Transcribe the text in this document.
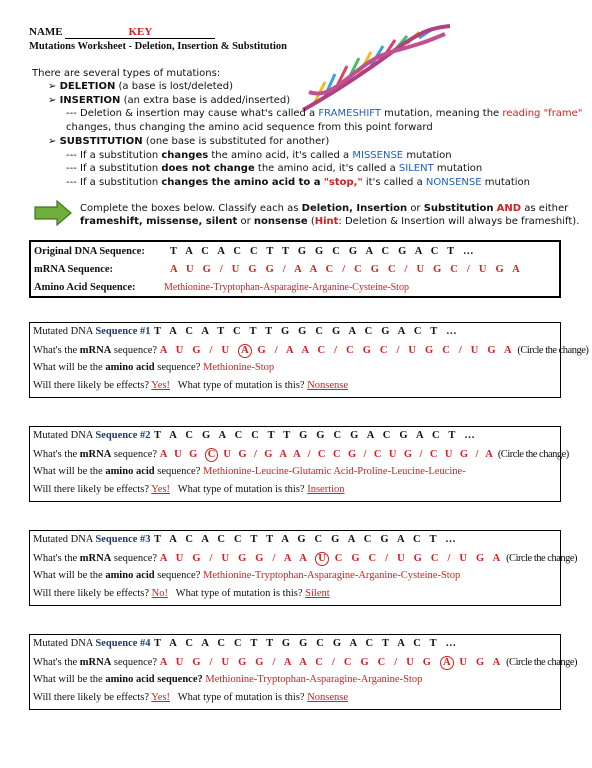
NAME	KEY
Mutations Worksheet - Deletion, Insertion & Substitution
There are several types of mutations:
➢ DELETION (a base is lost/deleted)
➢ INSERTION (an extra base is added/inserted)
--- Deletion & insertion may cause what's called a FRAMESHIFT mutation, meaning the reading "frame"
changes, thus changing the amino acid sequence from this point forward
➢ SUBSTITUTION (one base is substituted for another)
--- If a substitution changes the amino acid, it's called a MISSENSE mutation
--- If a substitution does not change the amino acid, it's called a SILENT mutation
--- If a substitution changes the amino acid to a "stop," it's called a NONSENSE mutation
Complete the boxes below. Classify each as Deletion, Insertion or Substitution AND as either
frameshift, missense, silent or nonsense (Hint: Deletion & Insertion will always be frameshift).
Original DNA Sequence: T A C A C C T T G G C G A C G A C T …
mRNA Sequence:	A U G / U G G / A A C / C G C / U G C / U G A
Amino Acid Sequence:	Methionine-Tryptophan-Asparagine-Arganine-Cysteine-Stop
Mutated DNA Sequence #1 T A C A T C T T G G C G A C G A C T …
What's the mRNA sequence? A U G / U A G / A A C / C G C / U G C / U G A (Circle the change)
What will be the amino acid sequence? Methionine-Stop
Will there likely be effects? Yes! What type of mutation is this? Nonsense
Mutated DNA Sequence #2 T A C G A C C T T G G C G A C G A C T …
What's the mRNA sequence? A U G C U G / G A A / C C G / C U G / C U G / A (Circle the change)
What will be the amino acid sequence? Methionine-Leucine-Glutamic Acid-Proline-Leucine-Leucine-
Will there likely be effects? Yes! What type of mutation is this? Insertion
Mutated DNA Sequence #3 T A C A C C T T A G C G A C G A C T …
What's the mRNA sequence? A U G / U G G / A A U C G C / U G C / U G A (Circle the change)
What will be the amino acid sequence? Methionine-Tryptophan-Asparagine-Arganine-Cysteine-Stop
Will there likely be effects? No! What type of mutation is this? Silent
Mutated DNA Sequence #4 T A C A C C T T G G C G A C T A C T …
What's the mRNA sequence? A U G / U G G / A A C / C G C / U G A U G A (Circle the change)
What will be the amino acid sequence? Methionine-Tryptophan-Asparagine-Arganine-Stop
Will there likely be effects? Yes! What type of mutation is this? Nonsense
